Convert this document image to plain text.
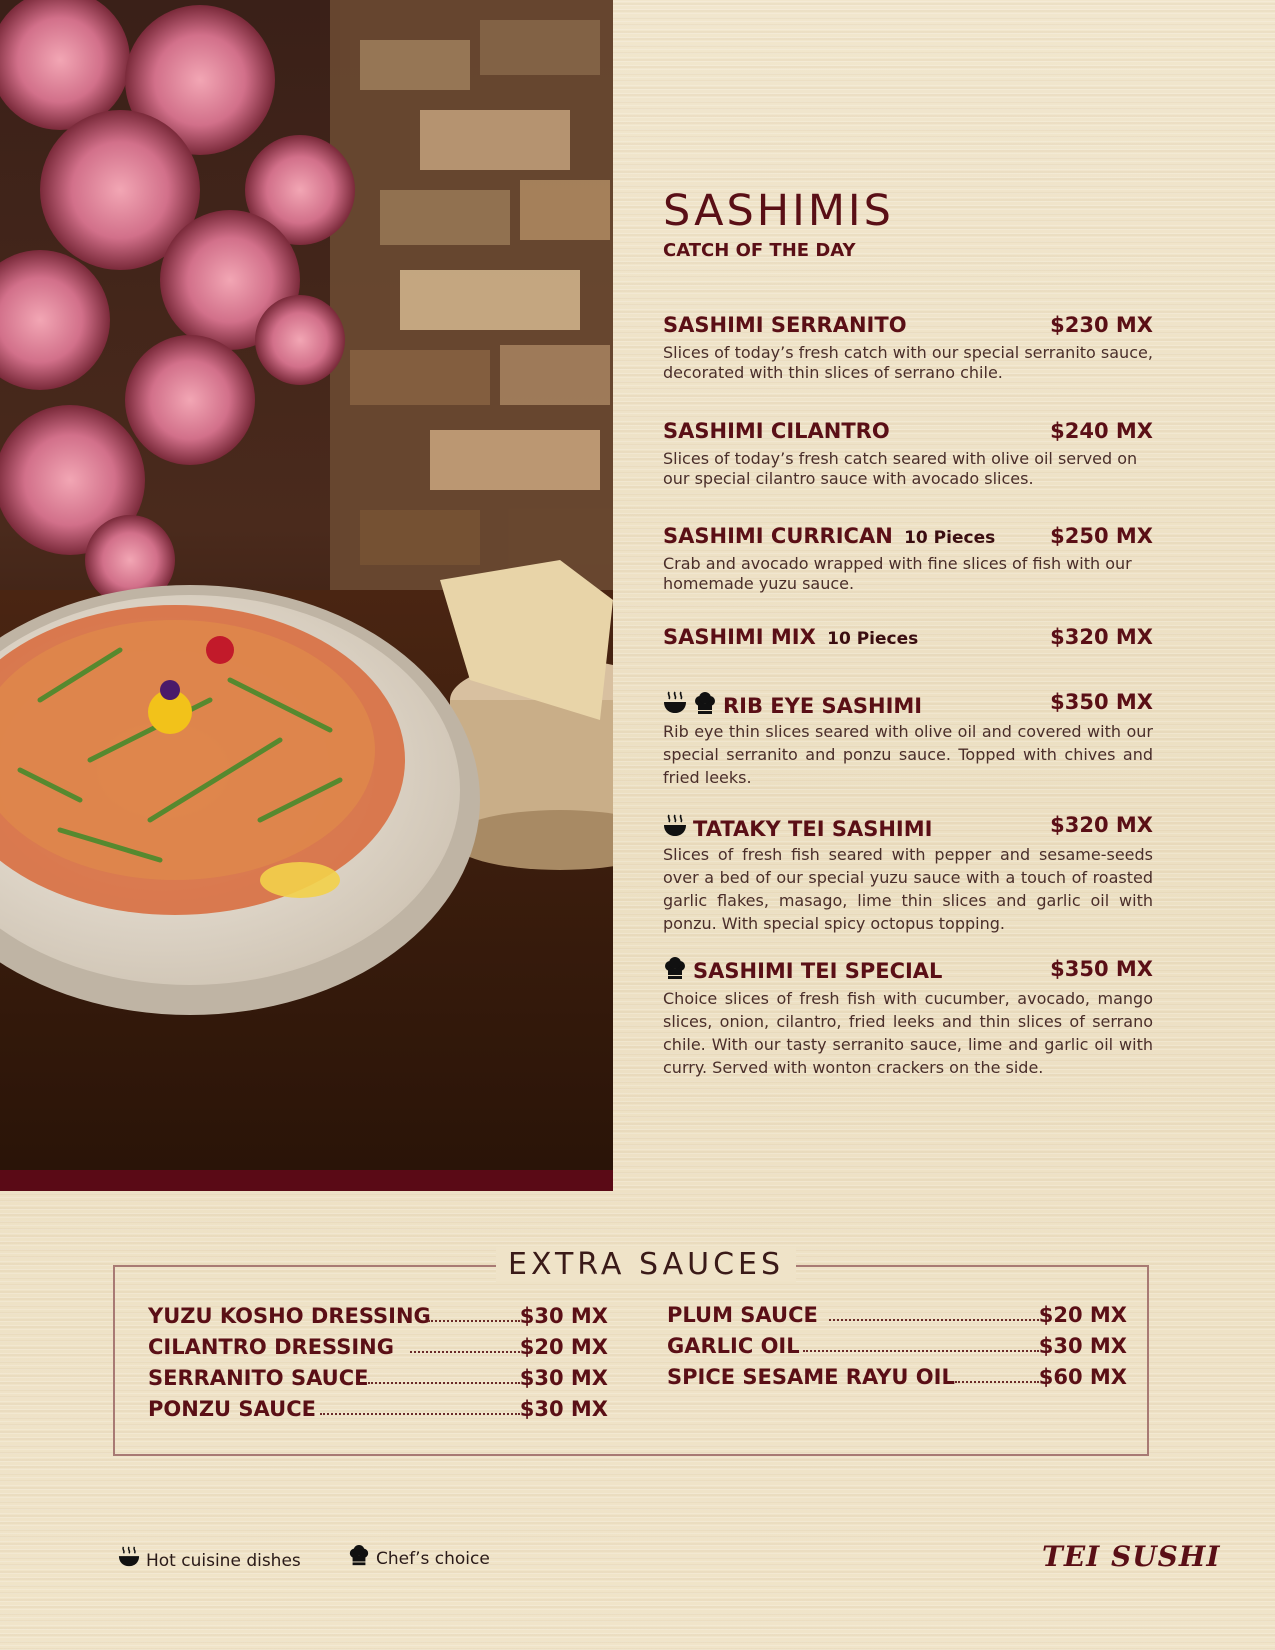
SASHIMIS
CATCH OF THE DAY
SASHIMI SERRANITO	$230 MX
Slices of today’s fresh catch with our special serranito sauce, decorated with thin slices of serrano chile.
SASHIMI CILANTRO	$240 MX
Slices of today’s fresh catch seared with olive oil served on our special cilantro sauce with avocado slices.
SASHIMI CURRICAN 10 Pieces	$250 MX
Crab and avocado wrapped with fine slices of fish with our homemade yuzu sauce.
SASHIMI MIX 10 Pieces	$320 MX
RIB EYE SASHIMI	$350 MX
Rib eye thin slices seared with olive oil and covered with our special serranito and ponzu sauce. Topped with chives and fried leeks.
TATAKY TEI SASHIMI	$320 MX
Slices of fresh fish seared with pepper and sesame-seeds over a bed of our special yuzu sauce with a touch of roasted garlic flakes, masago, lime thin slices and garlic oil with ponzu. With special spicy octopus topping.
SASHIMI TEI SPECIAL	$350 MX
Choice slices of fresh fish with cucumber, avocado, mango slices, onion, cilantro, fried leeks and thin slices of serrano chile. With our tasty serranito sauce, lime and garlic oil with curry. Served with wonton crackers on the side.
EXTRA SAUCES
YUZU KOSHO DRESSING	$30 MX
CILANTRO DRESSING	$20 MX
SERRANITO SAUCE	$30 MX
PONZU SAUCE	$30 MX
PLUM SAUCE	$20 MX
GARLIC OIL	$30 MX
SPICE SESAME RAYU OIL	$60 MX
Hot cuisine dishes	Chef’s choice	TEI SUSHI
